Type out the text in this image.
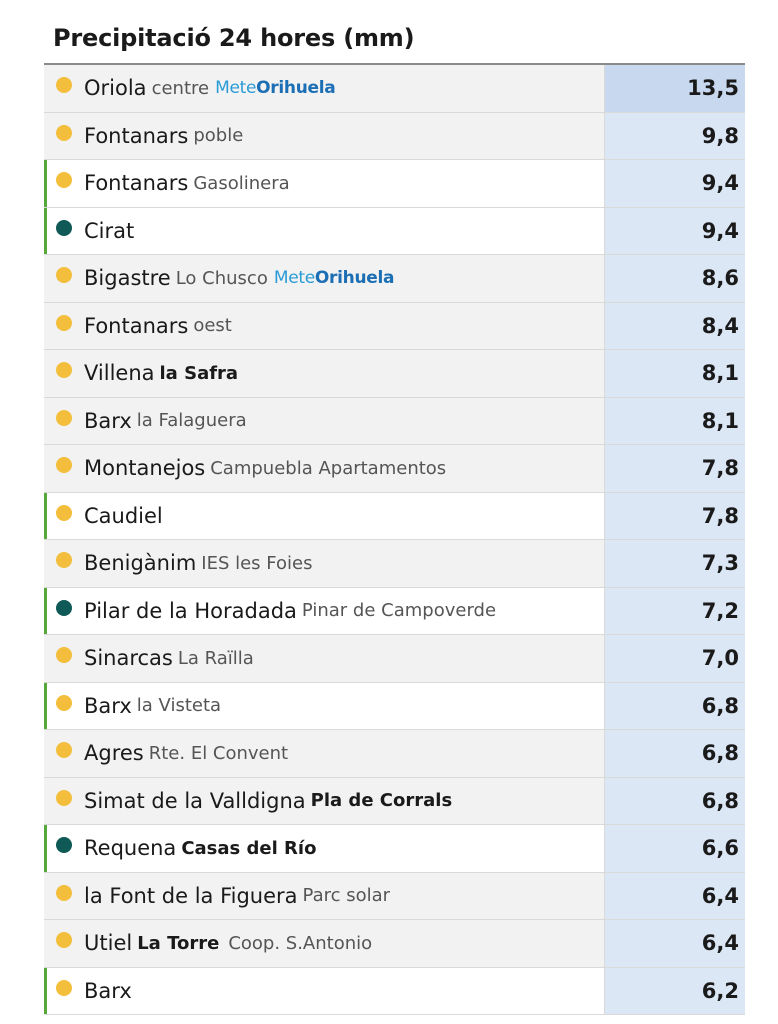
Precipitació 24 hores (mm)
Oriola centre MeteOrihuela	13,5
Fontanars poble	9,8
Fontanars Gasolinera	9,4
Cirat	9,4
Bigastre Lo Chusco MeteOrihuela	8,6
Fontanars oest	8,4
Villena la Safra	8,1
Barx la Falaguera	8,1
Montanejos Campuebla Apartamentos	7,8
Caudiel	7,8
Benigànim IES les Foies	7,3
Pilar de la Horadada Pinar de Campoverde	7,2
Sinarcas La Raïlla	7,0
Barx la Visteta	6,8
Agres Rte. El Convent	6,8
Simat de la Valldigna Pla de Corrals	6,8
Requena Casas del Río	6,6
la Font de la Figuera Parc solar	6,4
Utiel La Torre Coop. S.Antonio	6,4
Barx	6,2
